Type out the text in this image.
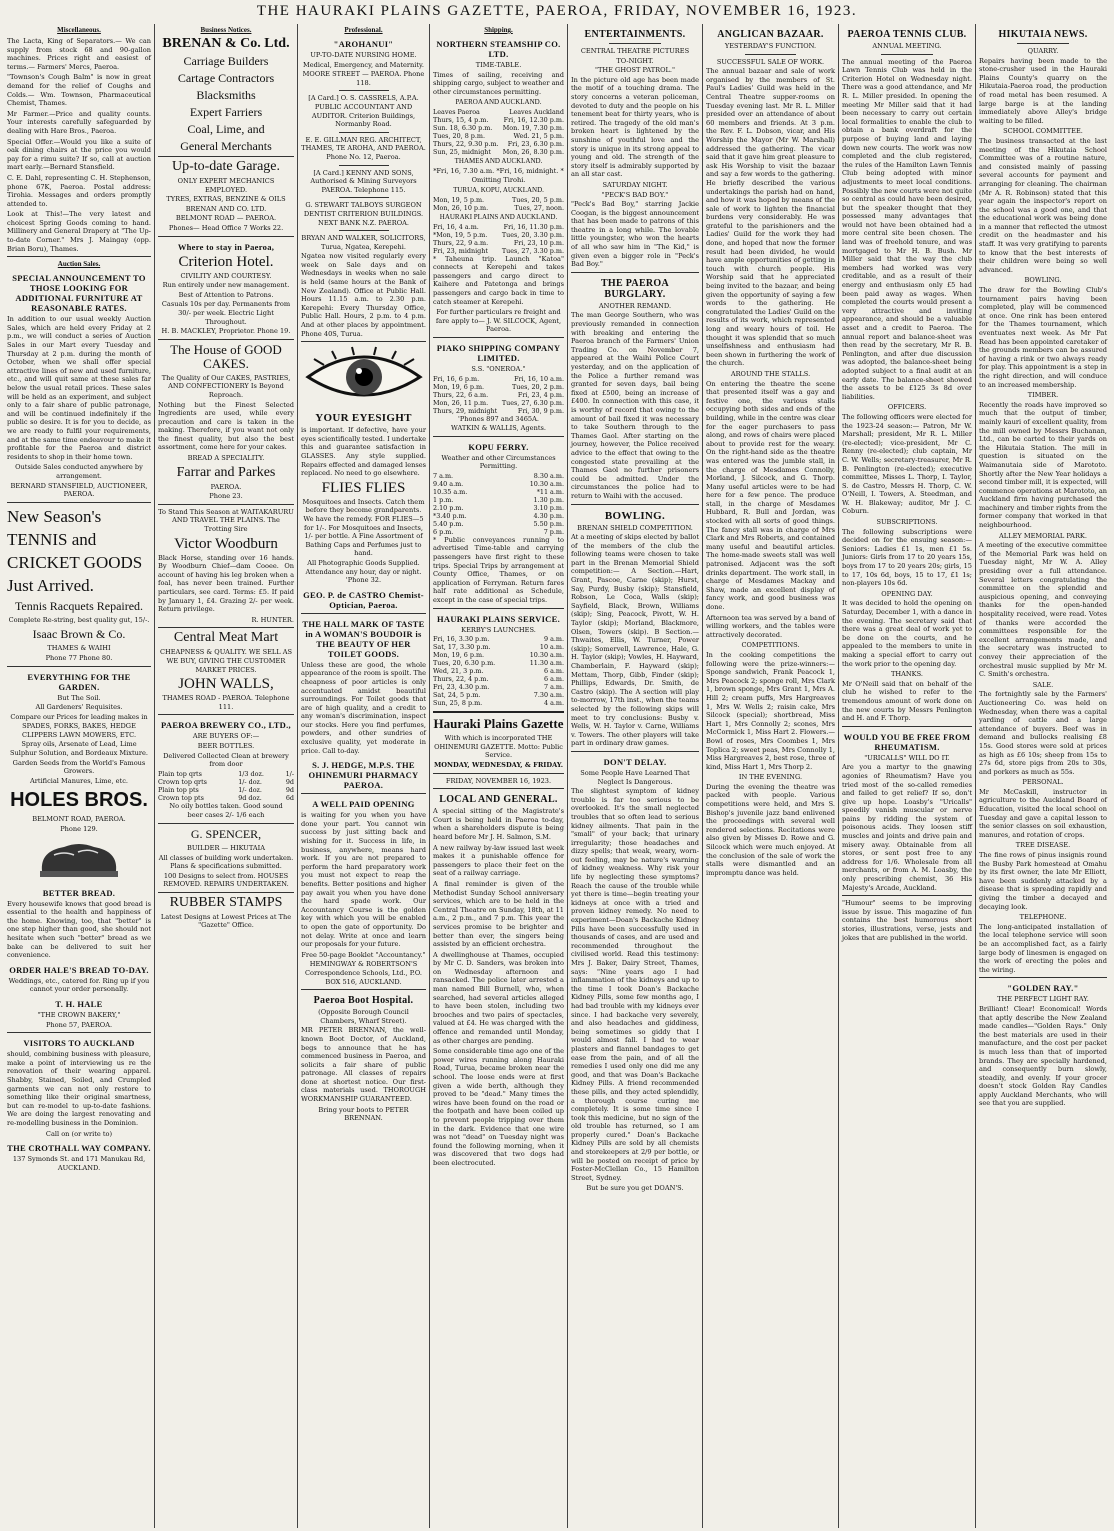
THE HAURAKI PLAINS GAZETTE, PAEROA, FRIDAY, NOVEMBER 16, 1923.
Miscellaneous.

The Lacta, King of Separators.— We can supply from stock 68 and 90-gallon machines. Prices right and easiest of terms.— Farmers' Mercs, Paeroa.

"Townson's Cough Balm" is now in great demand for the relief of Coughs and Colds.— Wm. Townson, Pharmaceutical Chemist, Thames.

Mr Farmer.—Price and quality counts. Your interests carefully safeguarded by dealing with Hare Bros., Paeroa.

Special Offer.—Would you like a suite of oak dining chairs at the price you would pay for a rimu suite? If so, call at auction mart early.—Bernard Stansfield.

C. E. Dahl, representing C. H. Stephenson, phone 67K, Paeroa. Postal address: Tirohia. Messages and orders promptly attended to.

Look at This!—The very latest and choicest Spring Goods coming to hand. Millinery and General Drapery at "The Up-to-date Corner." Mrs J. Maingay (opp. Brian Boru), Thames.

Auction Sales.
SPECIAL ANNOUNCEMENT TO THOSE LOOKING FOR ADDITIONAL FURNITURE AT REASONABLE RATES.

In addition to our usual weekly Auction Sales, which are held every Friday at 2 p.m., we will conduct a series of Auction Sales in our Mart every Tuesday and Thursday at 2 p.m. during the month of October, when we shall offer special attractive lines of new and used furniture, etc., and will quit same at these sales far below the usual retail prices. These sales will be held as an experiment, and subject only to a fair share of public patronage, and will be continued indefinitely if the public so desire. It is for you to decide, as we are ready to fulfil your requirements, and at the same time endeavour to make it profitable for the Paeroa and district residents to shop in their home town.

Outside Sales conducted anywhere by arrangement.

BERNARD STANSFIELD, AUCTIONEER, PAEROA.

New Season's
TENNIS and
CRICKET GOODS
Just Arrived.
Tennis Racquets Repaired.

Complete Re-string, best quality gut, 15/-.

Isaac Brown & Co.

THAMES & WAIHI

Phone 77 Phone 80.

EVERYTHING FOR THE GARDEN.

But The Soil.

All Gardeners' Requisites.

Compare our Prices for leading makes in

SPADES, FORKS, BAKES, HEDGE CLIPPERS LAWN MOWERS, ETC.

Spray oils, Arsenate of Lead, Lime Sulphur Solution, and Bordeaux Mixture.

Garden Seeds from the World's Famous Growers.

Artificial Manures, Lime, etc.

HOLES BROS.

BELMONT ROAD, PAEROA.

Phone 129.

BETTER BREAD.

Every housewife knows that good bread is essential to the health and happiness of the home. Knowing, too, that "better" is one step higher than good, she should not hesitate when such "better" bread as we bake can be delivered to suit her convenience.

ORDER HALE'S BREAD TO-DAY.

Weddings, etc., catered for. Ring up if you cannot your order personally.

T. H. HALE

"THE CROWN BAKERY,"

Phone 57, PAEROA.

VISITORS TO AUCKLAND

should, combining business with pleasure, make a point of interviewing us re the renovation of their wearing apparel. Shabby, Stained, Soiled, and Crumpled garments we can not only restore to something like their original smartness, but can re-model to up-to-date fashions. We are doing the largest renovating and re-modelling business in the Dominion.

Call on (or write to)

THE CROTHALL WAY COMPANY.

137 Symonds St. and 171 Manukau Rd, AUCKLAND.

Business Notices.
BRENAN & Co. Ltd.
Carriage Builders
Cartage Contractors
Blacksmiths
Expert Farriers
Coal, Lime, and
General Merchants
Up-to-date Garage.

ONLY EXPERT MECHANICS EMPLOYED.

TYRES, EXTRAS, BENZINE & OILS

BRENAN AND CO. LTD.

BELMONT ROAD — PAEROA.

Phones— Head Office 7 Works 22.

Where to stay in Paeroa,
Criterion Hotel.

CIVILITY AND COURTESY.

Run entirely under new management.

Best of Attention to Patrons.

Casuals 10s per day. Permanents from 30/- per week. Electric Light Throughout.

H. B. MACKLEY, Proprietor. Phone 19.

The House of GOOD CAKES.

The Quality of Our CAKES, PASTRIES, AND CONFECTIONERY Is Beyond Reproach.

Nothing but the Finest Selected Ingredients are used, while every precaution and care is taken in the making. Therefore, if you want not only the finest quality, but also the best assortment, come here for your cakes.

BREAD A SPECIALITY.

Farrar and Parkes

PAEROA.

Phone 23.

To Stand This Season at WAITAKARURU AND TRAVEL THE PLAINS. The Trotting Sire

Victor Woodburn

Black Horse, standing over 16 hands. By Woodburn Chief—dam Cooee. On account of having his leg broken when a foal, has never been trained. Further particulars, see card. Terms: £5. If paid by January 1, £4. Grazing 2/- per week. Return privilege.

R. HUNTER.

Central Meat Mart

CHEAPNESS & QUALITY. WE SELL AS WE BUY, GIVING THE CUSTOMER MARKET PRICES.

JOHN WALLS,

THAMES ROAD - PAEROA. Telephone 111.

PAEROA BREWERY CO., LTD.,

ARE BUYERS OF:—

BEER BOTTLES.

Delivered Collected Clean at brewery from door

Plain top qrts	1/3 doz.	1/-
Crown top qrts	1/- doz.	9d
Plain top pts	1/- doz.	9d
Crown top pts	9d doz.	6d

No oily bottles taken. Good sound

beer cases 2/- 1/6 each

G. SPENCER,

BUILDER — HIKUTAIA

All classes of building work undertaken. Plans & specifications submitted.

100 Designs to select from. HOUSES REMOVED. REPAIRS UNDERTAKEN.

RUBBER STAMPS

Latest Designs at Lowest Prices at The "Gazette" Office.

Professional.
"AROHANUI"

UP-TO-DATE NURSING HOME.

Medical, Emergency, and Maternity.

MOORE STREET — PAEROA. Phone 118.

[A Card.] O. S. CASSRELS, A.P.A. PUBLIC ACCOUNTANT AND AUDITOR. Criterion Buildings, Normanby Road.

E. E. GILLMAN REG. ARCHITECT, THAMES, TE AROHA, AND PAEROA. Phone No. 12, Paeroa.

[A Card.] KENNY AND SONS, Authorised & Mining Surveyors PAEROA. Telephone 115.

G. STEWART TALBOYS SURGEON DENTIST CRITERION BUILDINGS. NEXT BANK N.Z. PAEROA.

BRYAN AND WALKER, SOLICITORS, Turua, Ngatea, Kerepehi.

Ngatea now visited regularly every week on Sale days and on Wednesdays in weeks when no sale is held (same hours at the Bank of New Zealand). Office at Public Hall. Hours 11.15 a.m. to 2.30 p.m. Kerepehi: Every Thursday Office, Public Hall. Hours, 2 p.m. to 4 p.m. And at other places by appointment. Phone 40S, Turua.

YOUR EYESIGHT

is important. If defective, have your eyes scientifically tested. I undertake this and guarantee satisfaction in GLASSES. Any style supplied. Repairs effected and damaged lenses replaced. No need to go elsewhere.

FLIES FLIES

Mosquitoes and Insects. Catch them before they become grandparents. We have the remedy. FOR FLIES—5 for 1/-. For Mosquitoes and Insects, 1/- per bottle. A Fine Assortment of Bathing Caps and Perfumes just to hand.

All Photographic Goods Supplied. Attendance any hour, day or night. 'Phone 32.

GEO. P. de CASTRO Chemist-Optician, Paeroa.
THE HALL MARK OF TASTE in A WOMAN'S BOUDOIR is THE BEAUTY OF HER TOILET GOODS.

Unless these are good, the whole appearance of the room is spoilt. The cheapness of poor articles is only accentuated amidst beautiful surroundings. For Toilet goods that are of high quality, and a credit to any woman's discrimination, inspect our stocks. Here you find perfumes, powders, and other sundries of exclusive quality, yet moderate in price. Call to-day.

S. J. HEDGE, M.P.S. THE OHINEMURI PHARMACY PAEROA.
A WELL PAID OPENING

is waiting for you when you have done your part. You cannot win success by just sitting back and wishing for it. Success in life, in business, anywhere, means hard work. If you are not prepared to perform the hard preparatory work you must not expect to reap the benefits. Better positions and higher pay await you when you have done the hard spade work. Our Accountancy Course is the golden key with which you will be enabled to open the gate of opportunity. Do not delay. Write at once and learn our proposals for your future.

Free 50-page Booklet "Accountancy."

HEMINGWAY & ROBERTSON'S Correspondence Schools, Ltd., P.O. BOX 516, AUCKLAND.

Paeroa Boot Hospital.

(Opposite Borough Council Chambers, Wharf Street).

MR PETER BRENNAN, the well-known Boot Doctor, of Auckland, begs to announce that he has commenced business in Paeroa, and solicits a fair share of public patronage. All classes of repairs done at shortest notice. Our first-class materials used. THOROUGH WORKMANSHIP GUARANTEED.

Bring your boots to PETER BRENNAN.

Shipping.
NORTHERN STEAMSHIP CO. LTD.

TIME-TABLE.

Times of sailing, receiving and shipping cargo, subject to weather and other circumstances permitting.

PAEROA AND AUCKLAND.
Leaves Paeroa	Leaves Auckland
Thurs, 15, 4 p.m.	Fri, 16, 12.30 p.m.
Sun. 18, 6.30 p.m.	Mon. 19, 7.30 p.m.
Tues, 20, 8 p.m.	Wed. 21, 5 p.m.
Thurs, 22, 9.30 p.m.	Fri, 23, 6.30 p.m.
Sun, 25, midnight	Mon, 26, 8.30 p.m.
THAMES AND AUCKLAND.

*Fri, 16, 7.30 a.m. *Fri, 16, midnight. * Omitting Tirohi.

TURUA, KOPU, AUCKLAND.
Mon, 19, 5 p.m.	Tues, 20, 5 p.m.
Mon, 26, 10 p.m.	Tues, 27, noon.
HAURAKI PLAINS AND AUCKLAND.
Fri, 16, 4 a.m.	Fri, 16, 11.30 p.m.
*Mon, 19, 5 p.m.	Tues, 20, 3.30 p.m.
Thurs, 22, 9 a.m.	Fri, 23, 10 p.m.
Fri, 23, midnight	Tues, 27, 3.30 p.m.

* Taheuna trip. Launch "Katoa" connects at Kerepehi and takes passengers and cargo direct to Kaihere and Patetonga and brings passengers and cargo back in time to catch steamer at Kerepehi.

For further particulars re freight and fare apply to— J. W. SILCOCK, Agent, Paeroa.

PIAKO SHIPPING COMPANY LIMITED.

S.S. "ONEROA."

Fri, 16, 6 p.m.	Fri, 16, 10 a.m.
Mon, 19, 6 p.m.	Tues, 20, 2 p.m.
Thurs, 22, 6 a.m.	Fri, 23, 4 p.m.
Mon, 26, 11 p.m.	Tues, 27, 6.30 p.m.
Thurs, 29, midnight	Fri, 30, 9 p.m.

'Phones 897 and 3465A.

WATKIN & WALLIS, Agents.

KOPU FERRY.

Weather and other Circumstances Permitting.

7 a.m.	8.30 a.m.
9.40 a.m.	10.30 a.m.
10.35 a.m.	*11 a.m.
1 p.m.	1.30 p.m.
2.10 p.m.	3.10 p.m.
*3.40 p.m.	4.30 p.m.
5.40 p.m.	5.50 p.m.
6 p.m.	7 p.m.

* Public conveyances running to advertised Time-table and carrying passengers have first right to these trips. Special Trips by arrangement at County Office, Thames, or on application of Ferryman. Return fares half rate additional as Schedule, except in the case of special trips.

HAURAKI PLAINS SERVICE.

KERBY'S LAUNCHES.

Fri, 16, 3.30 p.m.	9 a.m.
Sat, 17, 3.30 p.m.	10 a.m.
Mon, 19, 6 p.m.	10.30 a.m.
Tues, 20, 6.30 p.m.	11.30 a.m.
Wed, 21, 3 p.m.	6 a.m.
Thurs, 22, 4 p.m.	6 a.m.
Fri, 23, 4.30 p.m.	7 a.m.
Sat, 24, 5 p.m.	7.30 a.m.
Sun, 25, 8 p.m.	4 a.m.
Hauraki Plains Gazette

With which is incorporated THE OHINEMURI GAZETTE. Motto: Public Service.

MONDAY, WEDNESDAY, & FRIDAY.

FRIDAY, NOVEMBER 16, 1923.

LOCAL AND GENERAL.

A special sitting of the Magistrate's Court is being held in Paeroa to-day, when a shareholders dispute is being heard before Mr J. H. Salmon, S.M.

A new railway by-law issued last week makes it a punishable offence for passengers to place their feet on the seat of a railway carriage.

A final reminder is given of the Methodist Sunday School anniversary services, which are to be held in the Central Theatre on Sunday, 18th, at 11 a.m., 2 p.m., and 7 p.m. This year the services promise to be brighter and better than ever, the singers being assisted by an efficient orchestra.

A dwellinghouse at Thames, occupied by Mr C. D. Sanders, was broken into on Wednesday afternoon and ransacked. The police later arrested a man named Bill Burnell, who, when searched, had several articles alleged to have been stolen, including two brooches and two pairs of spectacles, valued at £4. He was charged with the offence and remanded until Monday, as other charges are pending.

Some considerable time ago one of the power wires running along Hauraki Road, Turua, became broken near the school. The loose ends were at first given a wide berth, although they proved to be "dead." Many times the wires have been found on the road or the footpath and have been coiled up to prevent people tripping over them in the dark. Evidence that one wire was not "dead" on Tuesday night was found the following morning, when it was discovered that two dogs had been electrocuted.

ENTERTAINMENTS.

CENTRAL THEATRE PICTURES

TO-NIGHT.

"THE GHOST PATROL."

In the picture old age has been made the motif of a touching drama. The story concerns a veteran policeman, devoted to duty and the people on his tenement beat for thirty years, who is retired. The tragedy of the old man's broken heart is lightened by the sunshine of youthful love and the story is unique in its strong appeal to young and old. The strength of the story itself is admirably supported by an all star cast.

SATURDAY NIGHT.

"PECK'S BAD BOY."

"Peck's Bad Boy," starring Jackie Coogan, is the biggest announcement that has been made to patrons of this theatre in a long while. The lovable little youngster, who won the hearts of all who saw him in "The Kid," is given even a bigger role in "Peck's Bad Boy."

THE PAEROA BURGLARY.

ANOTHER REMAND.

The man George Southern, who was previously remanded in connection with breaking and entering the Paeroa branch of the Farmers' Union Trading Co. on November 7, appeared at the Waihi Police Court yesterday, and on the application of the Police a further remand was granted for seven days, bail being fixed at £500, being an increase of £400. In connection with this case, it is worthy of record that owing to the amount of bail fixed it was necessary to take Southern through to the Thames Gaol. After starting on the journey, however, the Police received advice to the effect that owing to the congested state prevailing at the Thames Gaol no further prisoners could be admitted. Under the circumstances the police had to return to Waihi with the accused.

BOWLING.

BRENAN SHIELD COMPETITION.

At a meeting of skips elected by ballot of the members of the club the following teams were chosen to take part in the Brenan Memorial Shield competition:— A Section.—Hart, Grant, Pascoe, Carne (skip); Hurst, Say, Purdy, Busby (skip); Stansfield, Robson, Le Coca, Walls (skip); Sayfield, Black, Brown, Williams (skip); Sing, Peacock, Pivott, W. H. Taylor (skip); Morland, Blackmore, Olsen, Towers (skip). B Section.—Thwaites, Ellis, W. Turner, Power (skip); Somervell, Lawrence, Hale, G. H. Taylor (skip); Vowles, H. Hayward, Chamberlain, F. Hayward (skip); Mettam, Thorp, Gibb, Finder (skip); Phillips, Edwards, Dr. Smith, de Castro (skip). The A section will play to-morrow, 17th inst., when the teams selected by the following skips will meet to try conclusions: Busby v. Wells, W. H. Taylor v. Carne, Williams v. Towers. The other players will take part in ordinary draw games.

DON'T DELAY.

Some People Have Learned That Neglect Is Dangerous.

The slightest symptom of kidney trouble is far too serious to be overlooked. It's the small neglected troubles that so often lead to serious kidney ailments. That pain in the "small" of your back; that urinary irregularity; those headaches and dizzy spells; that weak, weary, worn-out feeling, may be nature's warning of kidney weakness. Why risk your life by neglecting these symptoms? Reach the cause of the trouble while yet there is time—begin treating your kidneys at once with a tried and proven kidney remedy. No need to experiment—Doan's Backache Kidney Pills have been successfully used in thousands of cases, and are used and recommended throughout the civilised world. Read this testimony: Mrs J. Baker, Dairy Street, Thames, says: "Nine years ago I had inflammation of the kidneys and up to the time I took Doan's Backache Kidney Pills, some few months ago, I had bad trouble with my kidneys ever since. I had backache very severely, and also headaches and giddiness, being sometimes so giddy that I would almost fall. I had to wear plasters and flannel bandages to get ease from the pain, and of all the remedies I used only one did me any good, and that was Doan's Backache Kidney Pills. A friend recommended these pills, and they acted splendidly, a thorough course curing me completely. It is some time since I took this medicine, but no sign of the old trouble has returned, so I am properly cured." Doan's Backache Kidney Pills are sold by all chemists and storekeepers at 2/9 per bottle, or will be posted on receipt of price by Foster-McClellan Co., 15 Hamilton Street, Sydney.

But be sure you get DOAN'S.

ANGLICAN BAZAAR.

YESTERDAY'S FUNCTION.

SUCCESSFUL SALE OF WORK.

The annual bazaar and sale of work organised by the members of St. Paul's Ladies' Guild was held in the Central Theatre supper-rooms on Tuesday evening last. Mr R. L. Miller presided over an attendance of about 60 members and friends. At 3 p.m. the Rev. F. L. Dobson, vicar, and His Worship the Mayor (Mr W. Marshall) addressed the gathering. The vicar said that it gave him great pleasure to ask His Worship to visit the bazaar and say a few words to the gathering. He briefly described the various undertakings the parish had on hand, and how it was hoped by means of the sale of work to lighten the financial burdens very considerably. He was grateful to the parishioners and the Ladies' Guild for the work they had done, and hoped that now the former result had been divided, he would have ample opportunities of getting in touch with church people. His Worship said that he appreciated being invited to the bazaar, and being given the opportunity of saying a few words to the gathering. He congratulated the Ladies' Guild on the results of its work, which represented long and weary hours of toil. He thought it was splendid that so much unselfishness and enthusiasm had been shown in furthering the work of the church.

AROUND THE STALLS.

On entering the theatre the scene that presented itself was a gay and festive one, the various stalls occupying both sides and ends of the building, while in the centre was clear for the eager purchasers to pass along, and rows of chairs were placed about to provide rest for the weary. On the right-hand side as the theatre was entered was the jumble stall, in the charge of Mesdames Connolly, Morland, J. Silcock, and G. Thorp. Many useful articles were to be had here for a few pence. The produce stall, in the charge of Mesdames Hubbard, R. Bull and Jordan, was stocked with all sorts of good things. The fancy stall was in charge of Mrs Clark and Mrs Roberts, and contained many useful and beautiful articles. The home-made sweets stall was well patronised. Adjacent was the soft drinks department. The work stall, in charge of Mesdames Mackay and Shaw, made an excellent display of fancy work, and good business was done.

Afternoon tea was served by a band of willing workers, and the tables were attractively decorated.

COMPETITIONS.

In the cooking competitions the following were the prize-winners:— Sponge sandwich, Frank Peacock 1, Mrs Peacock 2; sponge roll, Mrs Clark 1, brown sponge, Mrs Grant 1, Mrs A. Hill 2; cream puffs, Mrs Hargreaves 1, Mrs W. Wells 2; raisin cake, Mrs Silcock (special); shortbread, Miss Hart 1, Mrs Connolly 2; scones, Mrs McCormick 1, Miss Hart 2. Flowers.—Bowl of roses, Mrs Coombes 1, Mrs Toplica 2; sweet peas, Mrs Connolly 1, Miss Hargreaves 2, best rose, three of kind, Miss Hart 1, Mrs Thorp 2.

IN THE EVENING.

During the evening the theatre was packed with people. Various competitions were held, and Mrs S. Bishop's juvenile jazz band enlivened the proceedings with several well rendered selections. Recitations were also given by Misses D. Rowe and G. Silcock which were much enjoyed. At the conclusion of the sale of work the stalls were dismantled and an impromptu dance was held.

PAEROA TENNIS CLUB.

ANNUAL MEETING.

The annual meeting of the Paeroa Lawn Tennis Club was held in the Criterion Hotel on Wednesday night. There was a good attendance, and Mr R. L. Miller presided. In opening the meeting Mr Miller said that it had been necessary to carry out certain local formalities to enable the club to obtain a bank overdraft for the purpose of buying land and laying down new courts. The work was now completed and the club registered, the rules of the Hamilton Lawn Tennis Club being adopted with minor adjustments to meet local conditions. Possibly the new courts were not quite so central as could have been desired, but the speaker thought that they possessed many advantages that would not have been obtained had a more central site been chosen. The land was of freehold tenure, and was mortgaged to Mr H. B. Bush. Mr Miller said that the way the club members had worked was very creditable, and as a result of their energy and enthusiasm only £5 had been paid away as wages. When completed the courts would present a very attractive and inviting appearance, and should be a valuable asset and a credit to Paeroa. The annual report and balance-sheet was then read by the secretary, Mr R. B. Penlington, and after due discussion was adopted, the balance-sheet being adopted subject to a final audit at an early date. The balance-sheet showed the assets to be £125 3s 8d over liabilities.

OFFICERS.

The following officers were elected for the 1923-24 season:— Patron, Mr W. Marshall; president, Mr R. L. Miller (re-elected); vice-president, Mr C. Renny (re-elected); club captain, Mr C. W. Wells; secretary-treasurer, Mr R. B. Penlington (re-elected); executive committee, Misses L. Thorp, I. Taylor, S. de Castro, Messrs H. Thorp, C. W. O'Neill, I. Towers, A. Steedman, and W. H. Blakeway; auditor, Mr J. C. Coburn.

SUBSCRIPTIONS.

The following subscriptions were decided on for the ensuing season:— Seniors: Ladies £1 1s, men £1 5s. Juniors: Girls from 17 to 20 years 15s, boys from 17 to 20 years 20s; girls, 15 to 17, 10s 6d, boys, 15 to 17, £1 1s; non-players 10s 6d.

OPENING DAY.

It was decided to hold the opening on Saturday, December 1, with a dance in the evening. The secretary said that there was a great deal of work yet to be done on the courts, and he appealed to the members to unite in making a special effort to carry out the work prior to the opening day.

THANKS.

Mr O'Neill said that on behalf of the club he wished to refer to the tremendous amount of work done on the new courts by Messrs Penlington and H. and F. Thorp.

WOULD YOU BE FREE FROM RHEUMATISM.

"URICALLS" WILL DO IT.

Are you a martyr to the gnawing agonies of Rheumatism? Have you tried most of the so-called remedies and failed to get relief? If so, don't give up hope. Loasby's "Uricalls" speedily vanish muscular or nerve pains by ridding the system of poisonous acids. They loosen stiff muscles and joints and drive pain and misery away. Obtainable from all stores, or sent post free to any address for 1/6. Wholesale from all merchants, or from A. M. Loasby, the only prescribing chemist, 36 His Majesty's Arcade, Auckland.

"Humour" seems to be improving issue by issue. This magazine of fun contains the best humorous short stories, illustrations, verse, jests and jokes that are published in the world.

HIKUTAIA NEWS.

QUARRY.

Repairs having been made to the stone-crusher used in the Hauraki Plains County's quarry on the Hikutaia-Paeroa road, the production of road metal has been resumed. A large barge is at the landing immediately above Alley's bridge waiting to be filled.

SCHOOL COMMITTEE.

The business transacted at the last meeting of the Hikutaia School Committee was of a routine nature, and consisted mainly of passing several accounts for payment and arranging for cleaning. The chairman (Mr A. R. Robinson) stated that this year again the inspector's report on the school was a good one, and that the educational work was being done in a manner that reflected the utmost credit on the headmaster and his staff. It was very gratifying to parents to know that the best interests of their children were being so well advanced.

BOWLING.

The draw for the Bowling Club's tournament pairs having been completed, play will be commenced at once. One rink has been entered for the Thames tournament, which eventuates next week. As Mr Pat Read has been appointed caretaker of the grounds members can be assured of having a rink or two always ready for play. This appointment is a step in the right direction, and will conduce to an increased membership.

TIMBER.

Recently the roads have improved so much that the output of timber, mainly kauri of excellent quality, from the mill owned by Messrs Buchanan, Ltd., can be carted to their yards on the Hikutaia Station. The mill in question is situated on the Waimanutaia side of Marototo. Shortly after the New Year holidays a second timber mill, it is expected, will commence operations at Marototo, an Auckland firm having purchased the machinery and timber rights from the former company that worked in that neighbourhood.

ALLEY MEMORIAL PARK.

A meeting of the executive committee of the Memorial Park was held on Tuesday night, Mr W. A. Alley presiding over a full attendance. Several letters congratulating the committee on the splendid and auspicious opening, and conveying thanks for the open-handed hospitality received, were read. Votes of thanks were accorded the committees responsible for the excellent arrangements made, and the secretary was instructed to convey their appreciation of the orchestral music supplied by Mr M. C. Smith's orchestra.

SALE.

The fortnightly sale by the Farmers' Auctioneering Co. was held on Wednesday, when there was a capital yarding of cattle and a large attendance of buyers. Beef was in demand and bullocks realising £8 15s. Good stores were sold at prices as high as £6 10s; sheep from 15s to 27s 6d, store pigs from 20s to 30s, and porkers as much as 55s.

PERSONAL.

Mr McCaskill, instructor in agriculture to the Auckland Board of Education, visited the local school on Tuesday and gave a capital lesson to the senior classes on soil exhaustion, manures, and rotation of crops.

TREE DISEASE.

The fine rows of pinus insignis round the Busby Park homestead at Omahu by its first owner, the late Mr Elliott, have been suddenly attacked by a disease that is spreading rapidly and giving the timber a decayed and decaying look.

TELEPHONE.

The long-anticipated installation of the local telephone service will soon be an accomplished fact, as a fairly large body of linesmen is engaged on the work of erecting the poles and the wiring.

"GOLDEN RAY."

THE PERFECT LIGHT RAY.

Brilliant! Clear! Economical! Words that aptly describe the New Zealand made candles—"Golden Rays." Only the best materials are used in their manufacture, and the cost per packet is much less than that of imported brands. They are specially hardened, and consequently burn slowly, steadily, and evenly. If your grocer doesn't stock Golden Ray Candles apply Auckland Merchants, who will see that you are supplied.
